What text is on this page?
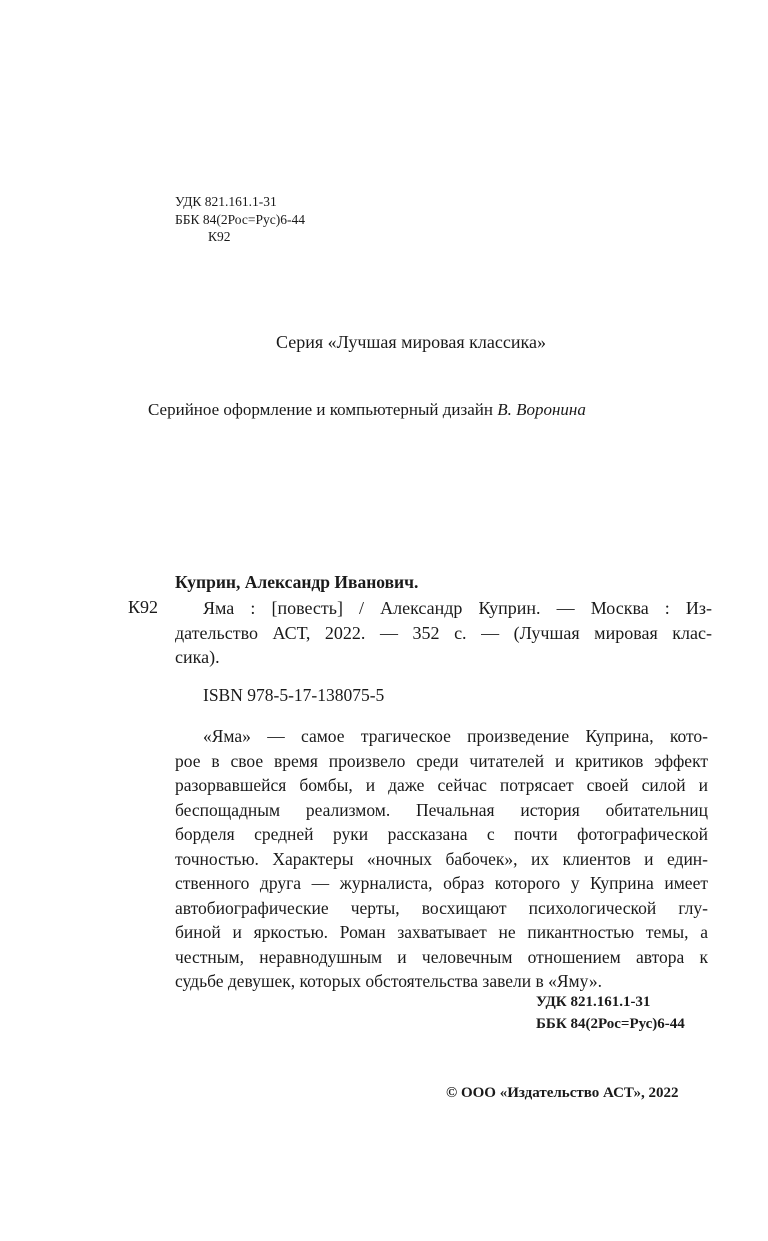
УДК 821.161.1-31
ББК 84(2Рос=Рус)6-44
К92

Серия «Лучшая мировая классика»

Серийное оформление и компьютерный дизайн В. Воронина

Куприн, Александр Иванович.

К92	Яма : [повесть] / Александр Куприн. — Москва : Из-
дательство АСТ, 2022. — 352 с. — (Лучшая мировая клас-
сика).

ISBN 978-5-17-138075-5

«Яма» — самое трагическое произведение Куприна, кото-
рое в свое время произвело среди читателей и критиков эффект
разорвавшейся бомбы, и даже сейчас потрясает своей силой и
беспощадным реализмом. Печальная история обитательниц
борделя средней руки рассказана с почти фотографической
точностью. Характеры «ночных бабочек», их клиентов и един-
ственного друга — журналиста, образ которого у Куприна имеет
автобиографические черты, восхищают психологической глу-
биной и яркостью. Роман захватывает не пикантностью темы, а
честным, неравнодушным и человечным отношением автора к
судьбе девушек, которых обстоятельства завели в «Яму».
УДК 821.161.1-31
ББК 84(2Рос=Рус)6-44

© ООО «Издательство АСТ», 2022
